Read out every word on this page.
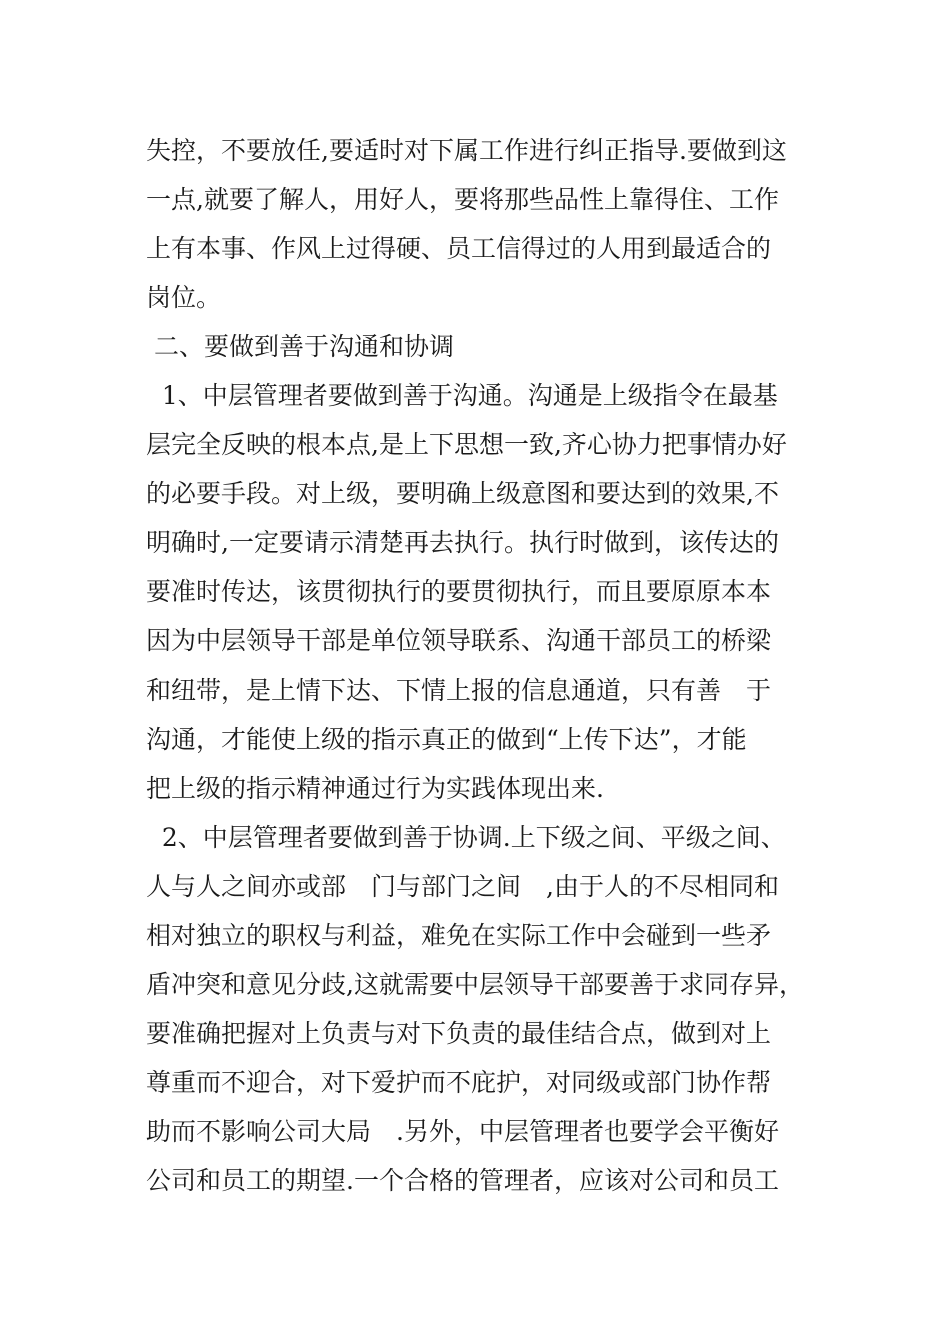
失控，不要放任,要适时对下属工作进行纠正指导.要做到这
一点,就要了解人，用好人，要将那些品性上靠得住、工作
上有本事、作风上过得硬、员工信得过的人用到最适合的
岗位。
二、要做到善于沟通和协调
1、中层管理者要做到善于沟通。沟通是上级指令在最基
层完全反映的根本点,是上下思想一致,齐心协力把事情办好
的必要手段。对上级，要明确上级意图和要达到的效果,不
明确时,一定要请示清楚再去执行。执行时做到，该传达的
要准时传达，该贯彻执行的要贯彻执行，而且要原原本本
因为中层领导干部是单位领导联系、沟通干部员工的桥梁
和纽带，是上情下达、下情上报的信息通道，只有善　于
沟通，才能使上级的指示真正的做到“上传下达”，才能
把上级的指示精神通过行为实践体现出来.
2、中层管理者要做到善于协调.上下级之间、平级之间、
人与人之间亦或部　门与部门之间　,由于人的不尽相同和
相对独立的职权与利益，难免在实际工作中会碰到一些矛
盾冲突和意见分歧,这就需要中层领导干部要善于求同存异，
要准确把握对上负责与对下负责的最佳结合点，做到对上
尊重而不迎合，对下爱护而不庇护，对同级或部门协作帮
助而不影响公司大局　.另外，中层管理者也要学会平衡好
公司和员工的期望.一个合格的管理者，应该对公司和员工
